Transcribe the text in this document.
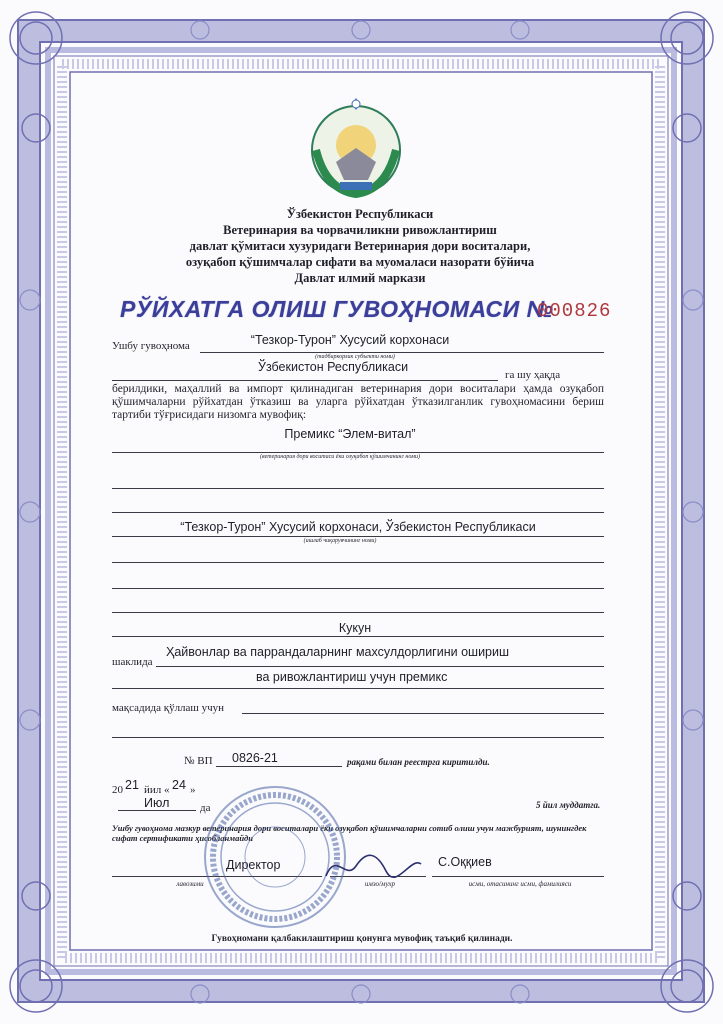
Ўзбекистон Республикаси
Ветеринария ва чорвачиликни ривожлантириш
давлат қўмитаси хузуридаги Ветеринария дори воситалари,
озуқабоп қўшимчалар сифати ва муомаласи назорати бўйича
Давлат илмий маркази
РЎЙХАТГА ОЛИШ ГУВОҲНОМАСИ №
000826
Ушбу гувоҳнома	“Тезкор-Турон” Хусусий корхонаси
(тадбиркорлик субъекти номи)
Ўзбекистон Республикаси
га шу ҳақда
берилдики, маҳаллий ва импорт қилинадиган ветеринария дори воситалари ҳамда озуқабоп қўшимчаларни рўйхатдан ўтказиш ва уларга рўйхатдан ўтказилганлик гувоҳномасини бериш тартиби тўғрисидаги низомга мувофиқ:
Премикс “Элем-витал”
(ветеринария дори воситаси ёки озуқабоп қўшимчанинг номи)
“Тезкор-Турон” Хусусий корхонаси, Ўзбекистон Республикаси
(ишлаб чиқарувчининг номи)
Кукун
Ҳайвонлар ва паррандаларнинг махсулдорлигини ошириш
шаклида
ва ривожлантириш учун премикс
мақсадида қўллаш учун
№ ВП 0826-21	рақами билан реестрга киритилди.
20 21 йил « 24 »
Июл	да	5 йил муддатга.
Ушбу гувоҳнома мазкур ветеринария дори воситалари ёки озуқабоп қўшимчаларни сотиб олиш учун мажбурият, шунингдек сифат сертификати ҳисобланмайди
Директор
лавозими	имзо/мухр
С.Оққиев
исми, отасининг исми, фамилияси
Гувоҳномани қалбакилаштириш қонунга мувофиқ таъқиб қилинади.
